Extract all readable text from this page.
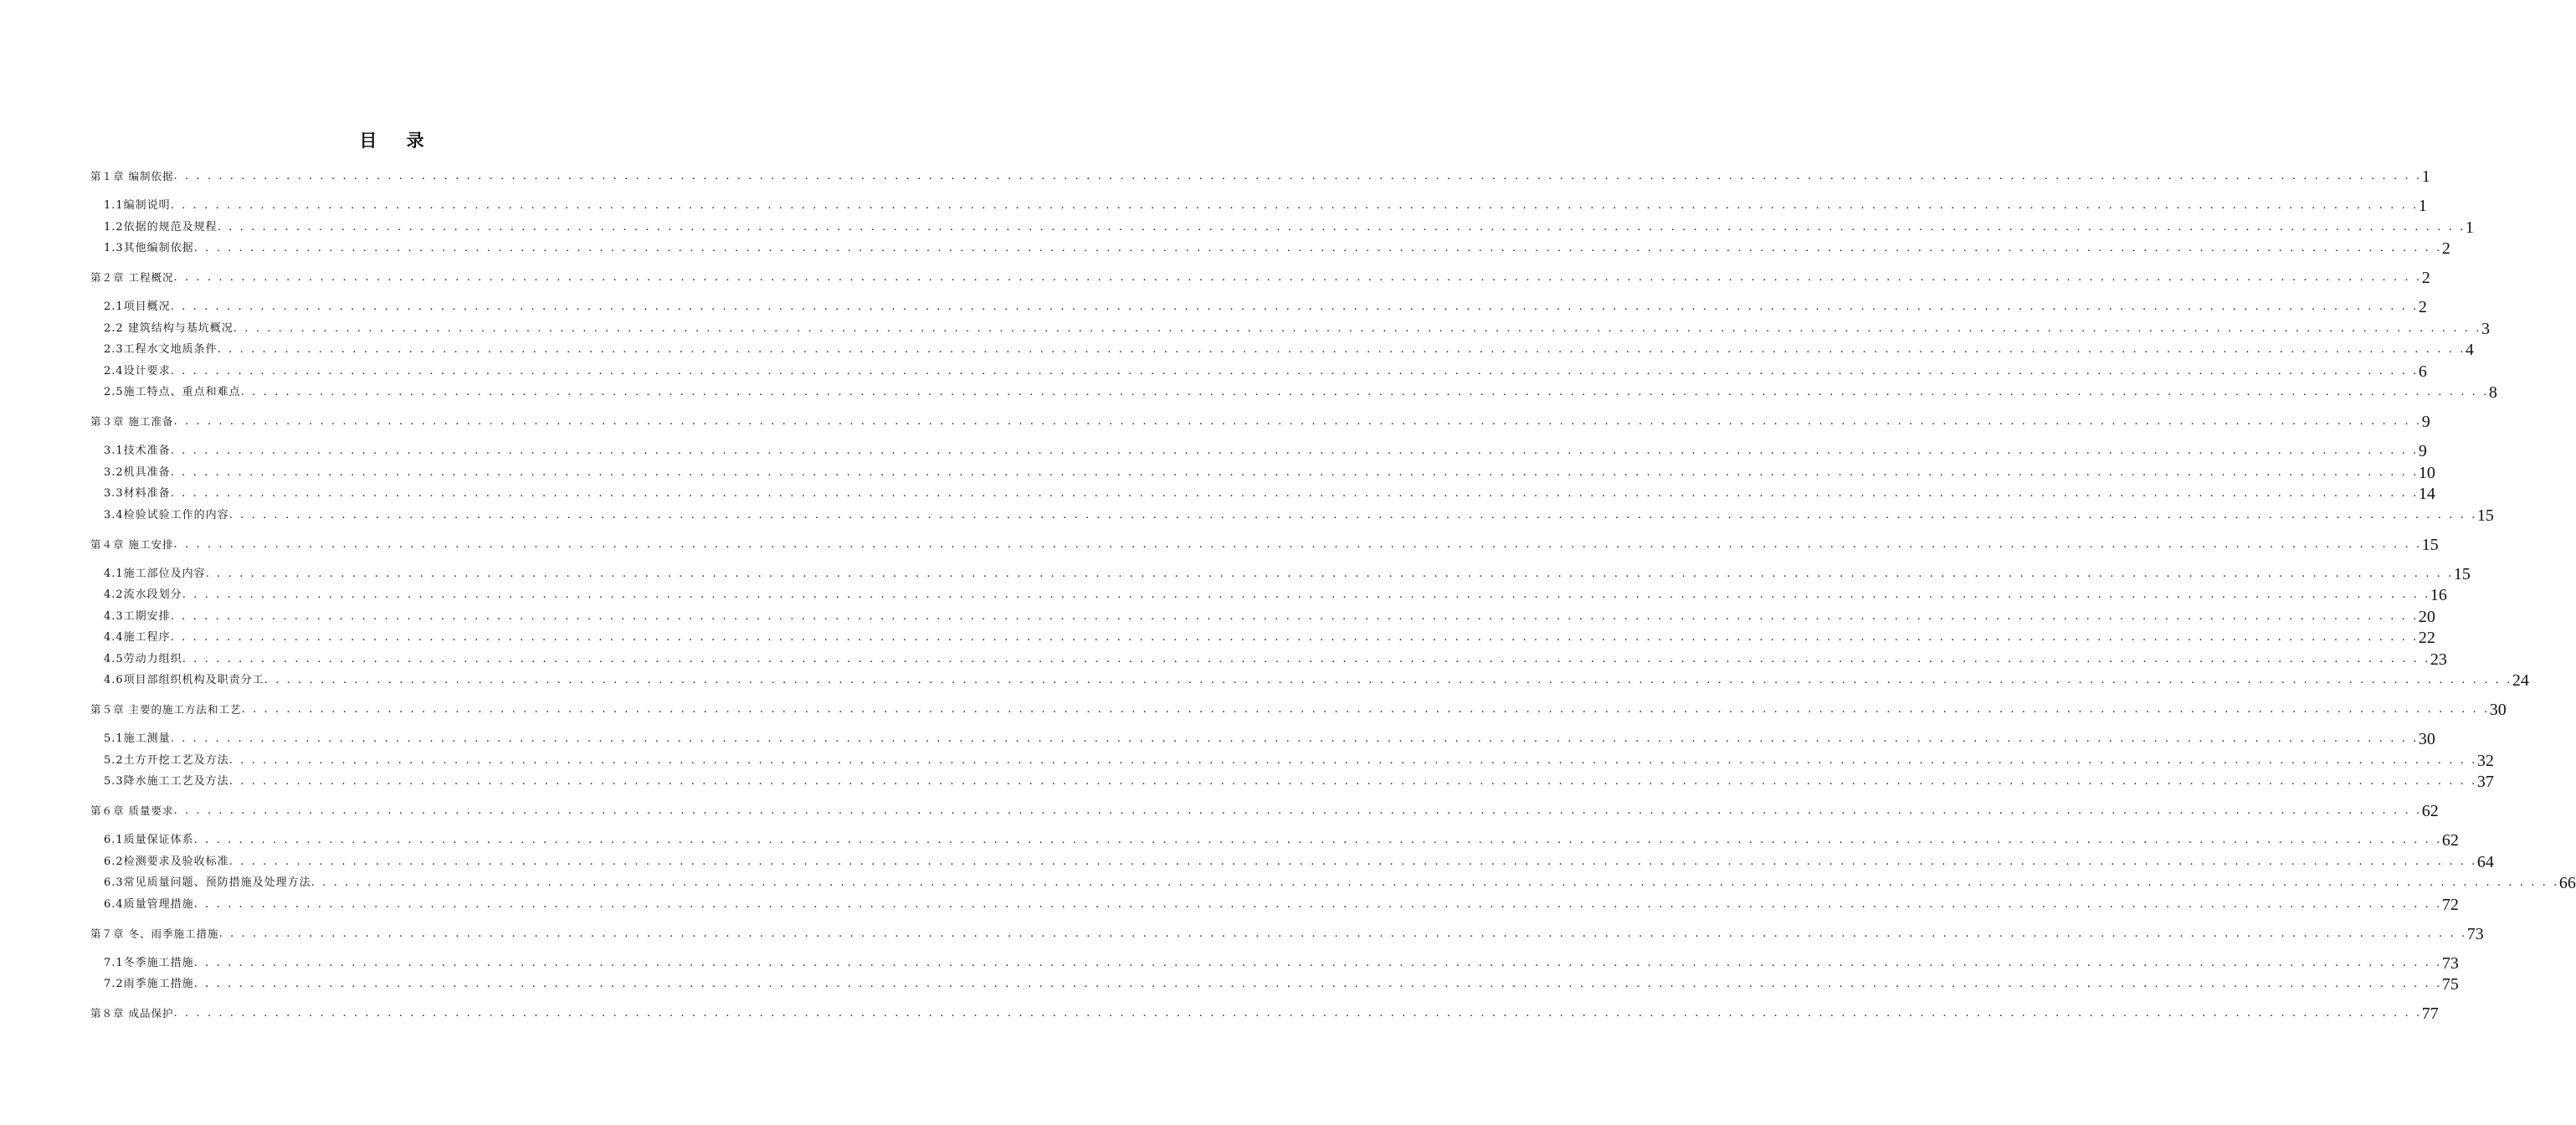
目 录
第１章 编制依据 . . . . . . . . . . . . . . . . . . . . . . . . . . . . . . . . . . . . . . . . . . . . . . . . . . . . . . . . . . . . . . . . . . . . . . . . . . . . . . . . . . . . . . . . . . . . . . . . . . . . . . . . . . . . . . . . . . . . . . . . . . . . . . . . . . . . . . . . . . . . . . . . . . . . . . . . . . . . . . . . . . . . . . . . . . . . . . . . . . . . . . . . . . . . . . . . . . . . . . . . 1
1.1编制说明 . . . . . . . . . . . . . . . . . . . . . . . . . . . . . . . . . . . . . . . . . . . . . . . . . . . . . . . . . . . . . . . . . . . . . . . . . . . . . . . . . . . . . . . . . . . . . . . . . . . . . . . . . . . . . . . . . . . . . . . . . . . . . . . . . . . . . . . . . . . . . . . . . . . . . . . . . . . . . . . . . . . . . . . . . . . . . . . . . . . . . . . . . . . . . . . . . . . . . . . . 1
1.2依据的规范及规程 . . . . . . . . . . . . . . . . . . . . . . . . . . . . . . . . . . . . . . . . . . . . . . . . . . . . . . . . . . . . . . . . . . . . . . . . . . . . . . . . . . . . . . . . . . . . . . . . . . . . . . . . . . . . . . . . . . . . . . . . . . . . . . . . . . . . . . . . . . . . . . . . . . . . . . . . . . . . . . . . . . . . . . . . . . . . . . . . . . . . . . . . . . . . . . . . . . . . . . . . 1
1.3其他编制依据 . . . . . . . . . . . . . . . . . . . . . . . . . . . . . . . . . . . . . . . . . . . . . . . . . . . . . . . . . . . . . . . . . . . . . . . . . . . . . . . . . . . . . . . . . . . . . . . . . . . . . . . . . . . . . . . . . . . . . . . . . . . . . . . . . . . . . . . . . . . . . . . . . . . . . . . . . . . . . . . . . . . . . . . . . . . . . . . . . . . . . . . . . . . . . . . . . . . . . . . . 2
第２章 工程概况 . . . . . . . . . . . . . . . . . . . . . . . . . . . . . . . . . . . . . . . . . . . . . . . . . . . . . . . . . . . . . . . . . . . . . . . . . . . . . . . . . . . . . . . . . . . . . . . . . . . . . . . . . . . . . . . . . . . . . . . . . . . . . . . . . . . . . . . . . . . . . . . . . . . . . . . . . . . . . . . . . . . . . . . . . . . . . . . . . . . . . . . . . . . . . . . . . . . . . . . . 2
2.1项目概况 . . . . . . . . . . . . . . . . . . . . . . . . . . . . . . . . . . . . . . . . . . . . . . . . . . . . . . . . . . . . . . . . . . . . . . . . . . . . . . . . . . . . . . . . . . . . . . . . . . . . . . . . . . . . . . . . . . . . . . . . . . . . . . . . . . . . . . . . . . . . . . . . . . . . . . . . . . . . . . . . . . . . . . . . . . . . . . . . . . . . . . . . . . . . . . . . . . . . . . . . 2
2.2 建筑结构与基坑概况 . . . . . . . . . . . . . . . . . . . . . . . . . . . . . . . . . . . . . . . . . . . . . . . . . . . . . . . . . . . . . . . . . . . . . . . . . . . . . . . . . . . . . . . . . . . . . . . . . . . . . . . . . . . . . . . . . . . . . . . . . . . . . . . . . . . . . . . . . . . . . . . . . . . . . . . . . . . . . . . . . . . . . . . . . . . . . . . . . . . . . . . . . . . . . . . . . . . . . . . . 3
2.3工程水文地质条件 . . . . . . . . . . . . . . . . . . . . . . . . . . . . . . . . . . . . . . . . . . . . . . . . . . . . . . . . . . . . . . . . . . . . . . . . . . . . . . . . . . . . . . . . . . . . . . . . . . . . . . . . . . . . . . . . . . . . . . . . . . . . . . . . . . . . . . . . . . . . . . . . . . . . . . . . . . . . . . . . . . . . . . . . . . . . . . . . . . . . . . . . . . . . . . . . . . . . . . . . 4
2.4设计要求 . . . . . . . . . . . . . . . . . . . . . . . . . . . . . . . . . . . . . . . . . . . . . . . . . . . . . . . . . . . . . . . . . . . . . . . . . . . . . . . . . . . . . . . . . . . . . . . . . . . . . . . . . . . . . . . . . . . . . . . . . . . . . . . . . . . . . . . . . . . . . . . . . . . . . . . . . . . . . . . . . . . . . . . . . . . . . . . . . . . . . . . . . . . . . . . . . . . . . . . . 6
2.5施工特点、重点和难点 . . . . . . . . . . . . . . . . . . . . . . . . . . . . . . . . . . . . . . . . . . . . . . . . . . . . . . . . . . . . . . . . . . . . . . . . . . . . . . . . . . . . . . . . . . . . . . . . . . . . . . . . . . . . . . . . . . . . . . . . . . . . . . . . . . . . . . . . . . . . . . . . . . . . . . . . . . . . . . . . . . . . . . . . . . . . . . . . . . . . . . . . . . . . . . . . . . . . . . . . 8
第３章 施工准备 . . . . . . . . . . . . . . . . . . . . . . . . . . . . . . . . . . . . . . . . . . . . . . . . . . . . . . . . . . . . . . . . . . . . . . . . . . . . . . . . . . . . . . . . . . . . . . . . . . . . . . . . . . . . . . . . . . . . . . . . . . . . . . . . . . . . . . . . . . . . . . . . . . . . . . . . . . . . . . . . . . . . . . . . . . . . . . . . . . . . . . . . . . . . . . . . . . . . . . . . 9
3.1技术准备 . . . . . . . . . . . . . . . . . . . . . . . . . . . . . . . . . . . . . . . . . . . . . . . . . . . . . . . . . . . . . . . . . . . . . . . . . . . . . . . . . . . . . . . . . . . . . . . . . . . . . . . . . . . . . . . . . . . . . . . . . . . . . . . . . . . . . . . . . . . . . . . . . . . . . . . . . . . . . . . . . . . . . . . . . . . . . . . . . . . . . . . . . . . . . . . . . . . . . . . . 9
3.2机具准备 . . . . . . . . . . . . . . . . . . . . . . . . . . . . . . . . . . . . . . . . . . . . . . . . . . . . . . . . . . . . . . . . . . . . . . . . . . . . . . . . . . . . . . . . . . . . . . . . . . . . . . . . . . . . . . . . . . . . . . . . . . . . . . . . . . . . . . . . . . . . . . . . . . . . . . . . . . . . . . . . . . . . . . . . . . . . . . . . . . . . . . . . . . . . . . . . . . . . . . . . 10
3.3材料准备 . . . . . . . . . . . . . . . . . . . . . . . . . . . . . . . . . . . . . . . . . . . . . . . . . . . . . . . . . . . . . . . . . . . . . . . . . . . . . . . . . . . . . . . . . . . . . . . . . . . . . . . . . . . . . . . . . . . . . . . . . . . . . . . . . . . . . . . . . . . . . . . . . . . . . . . . . . . . . . . . . . . . . . . . . . . . . . . . . . . . . . . . . . . . . . . . . . . . . . . . 14
3.4检验试验工作的内容 . . . . . . . . . . . . . . . . . . . . . . . . . . . . . . . . . . . . . . . . . . . . . . . . . . . . . . . . . . . . . . . . . . . . . . . . . . . . . . . . . . . . . . . . . . . . . . . . . . . . . . . . . . . . . . . . . . . . . . . . . . . . . . . . . . . . . . . . . . . . . . . . . . . . . . . . . . . . . . . . . . . . . . . . . . . . . . . . . . . . . . . . . . . . . . . . . . . . . . . . 15
第４章 施工安排 . . . . . . . . . . . . . . . . . . . . . . . . . . . . . . . . . . . . . . . . . . . . . . . . . . . . . . . . . . . . . . . . . . . . . . . . . . . . . . . . . . . . . . . . . . . . . . . . . . . . . . . . . . . . . . . . . . . . . . . . . . . . . . . . . . . . . . . . . . . . . . . . . . . . . . . . . . . . . . . . . . . . . . . . . . . . . . . . . . . . . . . . . . . . . . . . . . . . . . . . 15
4.1施工部位及内容 . . . . . . . . . . . . . . . . . . . . . . . . . . . . . . . . . . . . . . . . . . . . . . . . . . . . . . . . . . . . . . . . . . . . . . . . . . . . . . . . . . . . . . . . . . . . . . . . . . . . . . . . . . . . . . . . . . . . . . . . . . . . . . . . . . . . . . . . . . . . . . . . . . . . . . . . . . . . . . . . . . . . . . . . . . . . . . . . . . . . . . . . . . . . . . . . . . . . . . . . 15
4.2流水段划分 . . . . . . . . . . . . . . . . . . . . . . . . . . . . . . . . . . . . . . . . . . . . . . . . . . . . . . . . . . . . . . . . . . . . . . . . . . . . . . . . . . . . . . . . . . . . . . . . . . . . . . . . . . . . . . . . . . . . . . . . . . . . . . . . . . . . . . . . . . . . . . . . . . . . . . . . . . . . . . . . . . . . . . . . . . . . . . . . . . . . . . . . . . . . . . . . . . . . . . . . 16
4.3工期安排 . . . . . . . . . . . . . . . . . . . . . . . . . . . . . . . . . . . . . . . . . . . . . . . . . . . . . . . . . . . . . . . . . . . . . . . . . . . . . . . . . . . . . . . . . . . . . . . . . . . . . . . . . . . . . . . . . . . . . . . . . . . . . . . . . . . . . . . . . . . . . . . . . . . . . . . . . . . . . . . . . . . . . . . . . . . . . . . . . . . . . . . . . . . . . . . . . . . . . . . . 20
4.4施工程序 . . . . . . . . . . . . . . . . . . . . . . . . . . . . . . . . . . . . . . . . . . . . . . . . . . . . . . . . . . . . . . . . . . . . . . . . . . . . . . . . . . . . . . . . . . . . . . . . . . . . . . . . . . . . . . . . . . . . . . . . . . . . . . . . . . . . . . . . . . . . . . . . . . . . . . . . . . . . . . . . . . . . . . . . . . . . . . . . . . . . . . . . . . . . . . . . . . . . . . . . 22
4.5劳动力组织 . . . . . . . . . . . . . . . . . . . . . . . . . . . . . . . . . . . . . . . . . . . . . . . . . . . . . . . . . . . . . . . . . . . . . . . . . . . . . . . . . . . . . . . . . . . . . . . . . . . . . . . . . . . . . . . . . . . . . . . . . . . . . . . . . . . . . . . . . . . . . . . . . . . . . . . . . . . . . . . . . . . . . . . . . . . . . . . . . . . . . . . . . . . . . . . . . . . . . . . . 23
4.6项目部组织机构及职责分工 . . . . . . . . . . . . . . . . . . . . . . . . . . . . . . . . . . . . . . . . . . . . . . . . . . . . . . . . . . . . . . . . . . . . . . . . . . . . . . . . . . . . . . . . . . . . . . . . . . . . . . . . . . . . . . . . . . . . . . . . . . . . . . . . . . . . . . . . . . . . . . . . . . . . . . . . . . . . . . . . . . . . . . . . . . . . . . . . . . . . . . . . . . . . . . . . . . . . . . . . 24
第５章 主要的施工方法和工艺 . . . . . . . . . . . . . . . . . . . . . . . . . . . . . . . . . . . . . . . . . . . . . . . . . . . . . . . . . . . . . . . . . . . . . . . . . . . . . . . . . . . . . . . . . . . . . . . . . . . . . . . . . . . . . . . . . . . . . . . . . . . . . . . . . . . . . . . . . . . . . . . . . . . . . . . . . . . . . . . . . . . . . . . . . . . . . . . . . . . . . . . . . . . . . . . . . . . . . . . . 30
5.1施工测量 . . . . . . . . . . . . . . . . . . . . . . . . . . . . . . . . . . . . . . . . . . . . . . . . . . . . . . . . . . . . . . . . . . . . . . . . . . . . . . . . . . . . . . . . . . . . . . . . . . . . . . . . . . . . . . . . . . . . . . . . . . . . . . . . . . . . . . . . . . . . . . . . . . . . . . . . . . . . . . . . . . . . . . . . . . . . . . . . . . . . . . . . . . . . . . . . . . . . . . . . 30
5.2土方开挖工艺及方法 . . . . . . . . . . . . . . . . . . . . . . . . . . . . . . . . . . . . . . . . . . . . . . . . . . . . . . . . . . . . . . . . . . . . . . . . . . . . . . . . . . . . . . . . . . . . . . . . . . . . . . . . . . . . . . . . . . . . . . . . . . . . . . . . . . . . . . . . . . . . . . . . . . . . . . . . . . . . . . . . . . . . . . . . . . . . . . . . . . . . . . . . . . . . . . . . . . . . . . . . 32
5.3降水施工工艺及方法 . . . . . . . . . . . . . . . . . . . . . . . . . . . . . . . . . . . . . . . . . . . . . . . . . . . . . . . . . . . . . . . . . . . . . . . . . . . . . . . . . . . . . . . . . . . . . . . . . . . . . . . . . . . . . . . . . . . . . . . . . . . . . . . . . . . . . . . . . . . . . . . . . . . . . . . . . . . . . . . . . . . . . . . . . . . . . . . . . . . . . . . . . . . . . . . . . . . . . . . . 37
第６章 质量要求 . . . . . . . . . . . . . . . . . . . . . . . . . . . . . . . . . . . . . . . . . . . . . . . . . . . . . . . . . . . . . . . . . . . . . . . . . . . . . . . . . . . . . . . . . . . . . . . . . . . . . . . . . . . . . . . . . . . . . . . . . . . . . . . . . . . . . . . . . . . . . . . . . . . . . . . . . . . . . . . . . . . . . . . . . . . . . . . . . . . . . . . . . . . . . . . . . . . . . . . . 62
6.1质量保证体系 . . . . . . . . . . . . . . . . . . . . . . . . . . . . . . . . . . . . . . . . . . . . . . . . . . . . . . . . . . . . . . . . . . . . . . . . . . . . . . . . . . . . . . . . . . . . . . . . . . . . . . . . . . . . . . . . . . . . . . . . . . . . . . . . . . . . . . . . . . . . . . . . . . . . . . . . . . . . . . . . . . . . . . . . . . . . . . . . . . . . . . . . . . . . . . . . . . . . . . . . 62
6.2检测要求及验收标准 . . . . . . . . . . . . . . . . . . . . . . . . . . . . . . . . . . . . . . . . . . . . . . . . . . . . . . . . . . . . . . . . . . . . . . . . . . . . . . . . . . . . . . . . . . . . . . . . . . . . . . . . . . . . . . . . . . . . . . . . . . . . . . . . . . . . . . . . . . . . . . . . . . . . . . . . . . . . . . . . . . . . . . . . . . . . . . . . . . . . . . . . . . . . . . . . . . . . . . . . 64
6.3常见质量问题、预防措施及处理方法 . . . . . . . . . . . . . . . . . . . . . . . . . . . . . . . . . . . . . . . . . . . . . . . . . . . . . . . . . . . . . . . . . . . . . . . . . . . . . . . . . . . . . . . . . . . . . . . . . . . . . . . . . . . . . . . . . . . . . . . . . . . . . . . . . . . . . . . . . . . . . . . . . . . . . . . . . . . . . . . . . . . . . . . . . . . . . . . . . . . . . . . . . . . . . . . . . . . . . . . . 66
6.4质量管理措施 . . . . . . . . . . . . . . . . . . . . . . . . . . . . . . . . . . . . . . . . . . . . . . . . . . . . . . . . . . . . . . . . . . . . . . . . . . . . . . . . . . . . . . . . . . . . . . . . . . . . . . . . . . . . . . . . . . . . . . . . . . . . . . . . . . . . . . . . . . . . . . . . . . . . . . . . . . . . . . . . . . . . . . . . . . . . . . . . . . . . . . . . . . . . . . . . . . . . . . . . 72
第７章 冬、雨季施工措施 . . . . . . . . . . . . . . . . . . . . . . . . . . . . . . . . . . . . . . . . . . . . . . . . . . . . . . . . . . . . . . . . . . . . . . . . . . . . . . . . . . . . . . . . . . . . . . . . . . . . . . . . . . . . . . . . . . . . . . . . . . . . . . . . . . . . . . . . . . . . . . . . . . . . . . . . . . . . . . . . . . . . . . . . . . . . . . . . . . . . . . . . . . . . . . . . . . . . . . . . 73
7.1冬季施工措施 . . . . . . . . . . . . . . . . . . . . . . . . . . . . . . . . . . . . . . . . . . . . . . . . . . . . . . . . . . . . . . . . . . . . . . . . . . . . . . . . . . . . . . . . . . . . . . . . . . . . . . . . . . . . . . . . . . . . . . . . . . . . . . . . . . . . . . . . . . . . . . . . . . . . . . . . . . . . . . . . . . . . . . . . . . . . . . . . . . . . . . . . . . . . . . . . . . . . . . . . 73
7.2雨季施工措施 . . . . . . . . . . . . . . . . . . . . . . . . . . . . . . . . . . . . . . . . . . . . . . . . . . . . . . . . . . . . . . . . . . . . . . . . . . . . . . . . . . . . . . . . . . . . . . . . . . . . . . . . . . . . . . . . . . . . . . . . . . . . . . . . . . . . . . . . . . . . . . . . . . . . . . . . . . . . . . . . . . . . . . . . . . . . . . . . . . . . . . . . . . . . . . . . . . . . . . . . 75
第８章 成品保护 . . . . . . . . . . . . . . . . . . . . . . . . . . . . . . . . . . . . . . . . . . . . . . . . . . . . . . . . . . . . . . . . . . . . . . . . . . . . . . . . . . . . . . . . . . . . . . . . . . . . . . . . . . . . . . . . . . . . . . . . . . . . . . . . . . . . . . . . . . . . . . . . . . . . . . . . . . . . . . . . . . . . . . . . . . . . . . . . . . . . . . . . . . . . . . . . . . . . . . . . 77
